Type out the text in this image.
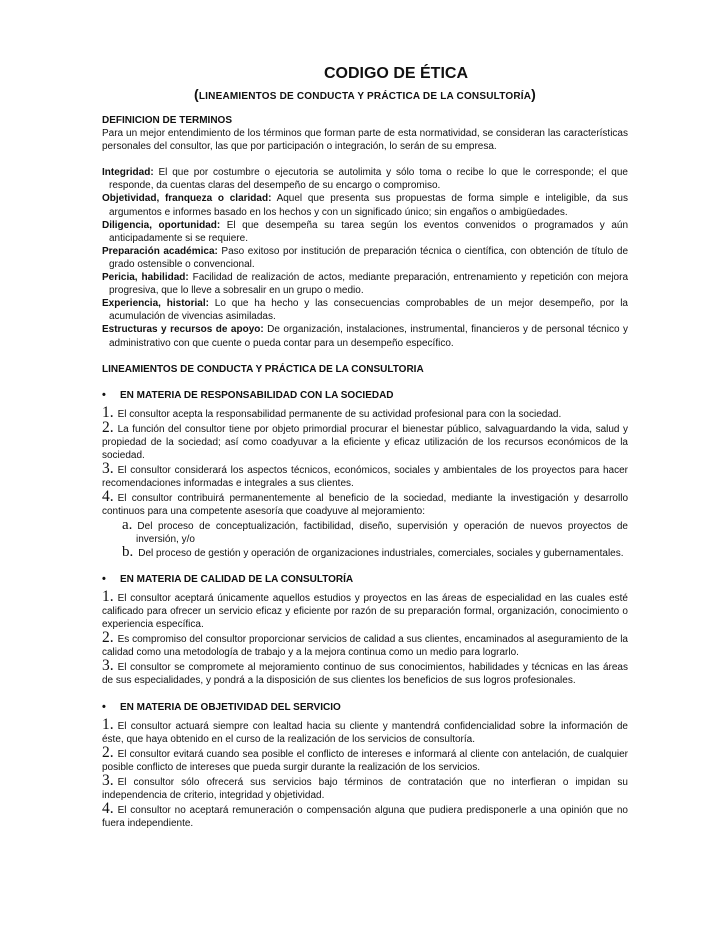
CODIGO DE ÉTICA
(LINEAMIENTOS DE CONDUCTA Y PRÁCTICA DE LA CONSULTORÍA)
DEFINICION DE TERMINOS

Para un mejor entendimiento de los términos que forman parte de esta normatividad, se consideran las características personales del consultor, las que por participación o integración, lo serán de su empresa.

Integridad: El que por costumbre o ejecutoria se autolimita y sólo toma o recibe lo que le corresponde; el que responde, da cuentas claras del desempeño de su encargo o compromiso.
Objetividad, franqueza o claridad: Aquel que presenta sus propuestas de forma simple e inteligible, da sus argumentos e informes basado en los hechos y con un significado único; sin engaños o ambigüedades.
Diligencia, oportunidad: El que desempeña su tarea según los eventos convenidos o programados y aún anticipadamente si se requiere.
Preparación académica: Paso exitoso por institución de preparación técnica o científica, con obtención de título de grado ostensible o convencional.
Pericia, habilidad: Facilidad de realización de actos, mediante preparación, entrenamiento y repetición con mejora progresiva, que lo lleve a sobresalir en un grupo o medio.
Experiencia, historial: Lo que ha hecho y las consecuencias comprobables de un mejor desempeño, por la acumulación de vivencias asimiladas.
Estructuras y recursos de apoyo: De organización, instalaciones, instrumental, financieros y de personal técnico y administrativo con que cuente o pueda contar para un desempeño específico.
LINEAMIENTOS DE CONDUCTA Y PRÁCTICA DE LA CONSULTORIA
• EN MATERIA DE RESPONSABILIDAD CON LA SOCIEDAD

1. El consultor acepta la responsabilidad permanente de su actividad profesional para con la sociedad.

2. La función del consultor tiene por objeto primordial procurar el bienestar público, salvaguardando la vida, salud y propiedad de la sociedad; así como coadyuvar a la eficiente y eficaz utilización de los recursos económicos de la sociedad.

3. El consultor considerará los aspectos técnicos, económicos, sociales y ambientales de los proyectos para hacer recomendaciones informadas e integrales a sus clientes.

4. El consultor contribuirá permanentemente al beneficio de la sociedad, mediante la investigación y desarrollo continuos para una competente asesoría que coadyuve al mejoramiento:

a. Del proceso de conceptualización, factibilidad, diseño, supervisión y operación de nuevos proyectos de inversión, y/o
b. Del proceso de gestión y operación de organizaciones industriales, comerciales, sociales y gubernamentales.
• EN MATERIA DE CALIDAD DE LA CONSULTORÍA

1. El consultor aceptará únicamente aquellos estudios y proyectos en las áreas de especialidad en las cuales esté calificado para ofrecer un servicio eficaz y eficiente por razón de su preparación formal, organización, conocimiento o experiencia específica.

2. Es compromiso del consultor proporcionar servicios de calidad a sus clientes, encaminados al aseguramiento de la calidad como una metodología de trabajo y a la mejora continua como un medio para lograrlo.

3. El consultor se compromete al mejoramiento continuo de sus conocimientos, habilidades y técnicas en las áreas de sus especialidades, y pondrá a la disposición de sus clientes los beneficios de sus logros profesionales.

• EN MATERIA DE OBJETIVIDAD DEL SERVICIO

1. El consultor actuará siempre con lealtad hacia su cliente y mantendrá confidencialidad sobre la información de éste, que haya obtenido en el curso de la realización de los servicios de consultoría.

2. El consultor evitará cuando sea posible el conflicto de intereses e informará al cliente con antelación, de cualquier posible conflicto de intereses que pueda surgir durante la realización de los servicios.

3. El consultor sólo ofrecerá sus servicios bajo términos de contratación que no interfieran o impidan su independencia de criterio, integridad y objetividad.

4. El consultor no aceptará remuneración o compensación alguna que pudiera predisponerle a una opinión que no fuera independiente.
